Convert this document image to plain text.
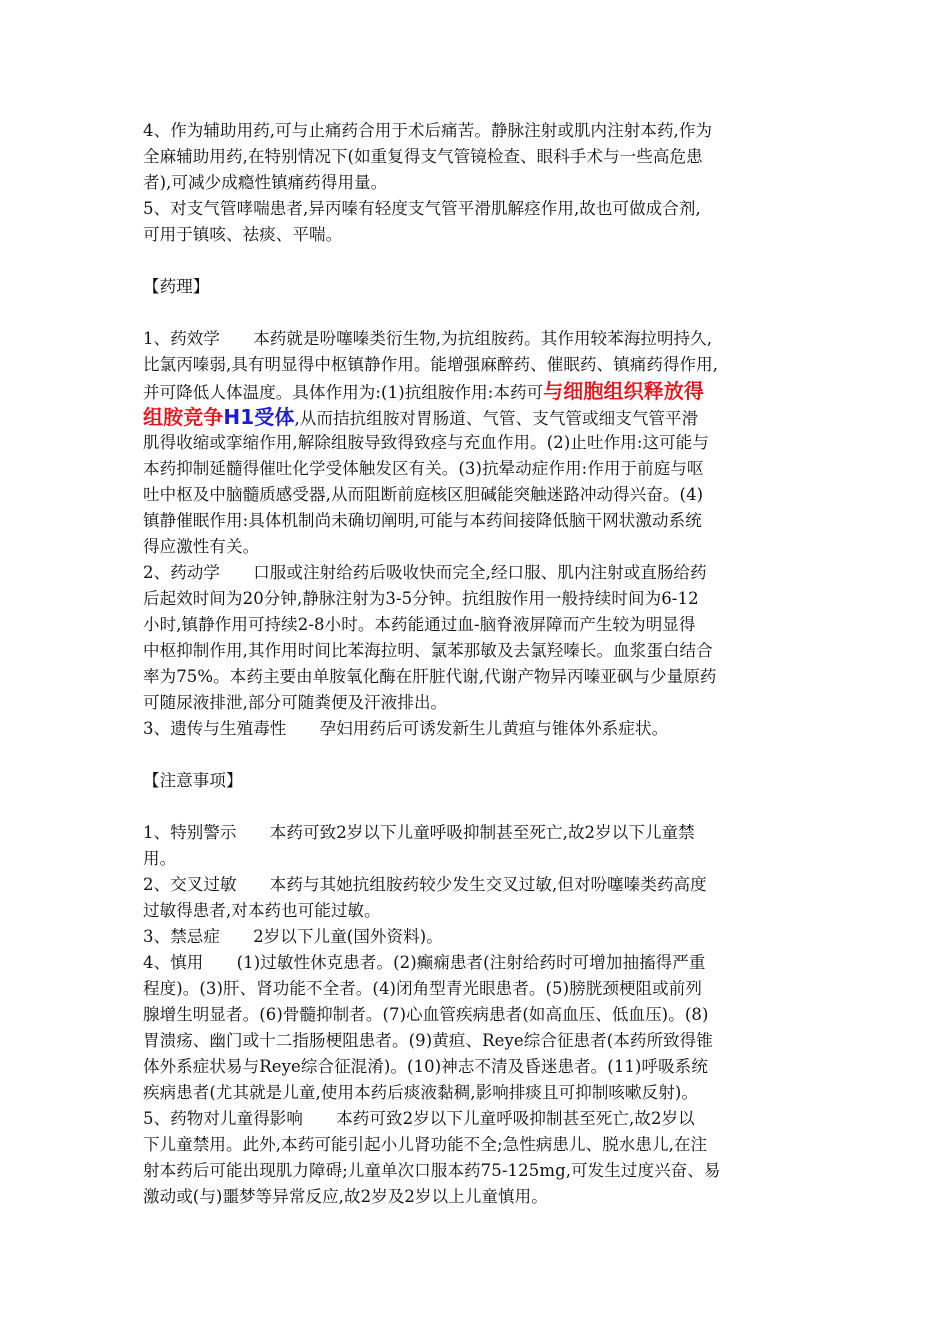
4、作为辅助用药,可与止痛药合用于术后痛苦。静脉注射或肌内注射本药,作为
全麻辅助用药,在特别情况下(如重复得支气管镜检查、眼科手术与一些高危患
者),可减少成瘾性镇痛药得用量。
5、对支气管哮喘患者,异丙嗪有轻度支气管平滑肌解痉作用,故也可做成合剂,
可用于镇咳、祛痰、平喘。
【药理】
1、药效学　　本药就是吩噻嗪类衍生物,为抗组胺药。其作用较苯海拉明持久,
比氯丙嗪弱,具有明显得中枢镇静作用。能增强麻醉药、催眠药、镇痛药得作用,
并可降低人体温度。具体作用为:(1)抗组胺作用:本药可与细胞组织释放得
组胺竞争H1受体,从而拮抗组胺对胃肠道、气管、支气管或细支气管平滑
肌得收缩或挛缩作用,解除组胺导致得致痉与充血作用。(2)止吐作用:这可能与
本药抑制延髓得催吐化学受体触发区有关。(3)抗晕动症作用:作用于前庭与呕
吐中枢及中脑髓质感受器,从而阻断前庭核区胆碱能突触迷路冲动得兴奋。(4)
镇静催眠作用:具体机制尚未确切阐明,可能与本药间接降低脑干网状激动系统
得应激性有关。
2、药动学　　口服或注射给药后吸收快而完全,经口服、肌内注射或直肠给药
后起效时间为20分钟,静脉注射为3-5分钟。抗组胺作用一般持续时间为6-12
小时,镇静作用可持续2-8小时。本药能通过血-脑脊液屏障而产生较为明显得
中枢抑制作用,其作用时间比苯海拉明、氯苯那敏及去氯羟嗪长。血浆蛋白结合
率为75%。本药主要由单胺氧化酶在肝脏代谢,代谢产物异丙嗪亚砜与少量原药
可随尿液排泄,部分可随粪便及汗液排出。
3、遗传与生殖毒性　　孕妇用药后可诱发新生儿黄疸与锥体外系症状。
【注意事项】
1、特别警示　　本药可致2岁以下儿童呼吸抑制甚至死亡,故2岁以下儿童禁
用。
2、交叉过敏　　本药与其她抗组胺药较少发生交叉过敏,但对吩噻嗪类药高度
过敏得患者,对本药也可能过敏。
3、禁忌症　　2岁以下儿童(国外资料)。
4、慎用　　(1)过敏性休克患者。(2)癫痫患者(注射给药时可增加抽搐得严重
程度)。(3)肝、肾功能不全者。(4)闭角型青光眼患者。(5)膀胱颈梗阻或前列
腺增生明显者。(6)骨髓抑制者。(7)心血管疾病患者(如高血压、低血压)。(8)
胃溃疡、幽门或十二指肠梗阻患者。(9)黄疸、Reye综合征患者(本药所致得锥
体外系症状易与Reye综合征混淆)。(10)神志不清及昏迷患者。(11)呼吸系统
疾病患者(尤其就是儿童,使用本药后痰液黏稠,影响排痰且可抑制咳嗽反射)。
5、药物对儿童得影响　　本药可致2岁以下儿童呼吸抑制甚至死亡,故2岁以
下儿童禁用。此外,本药可能引起小儿肾功能不全;急性病患儿、脱水患儿,在注
射本药后可能出现肌力障碍;儿童单次口服本药75-125mg,可发生过度兴奋、易
激动或(与)噩梦等异常反应,故2岁及2岁以上儿童慎用。
